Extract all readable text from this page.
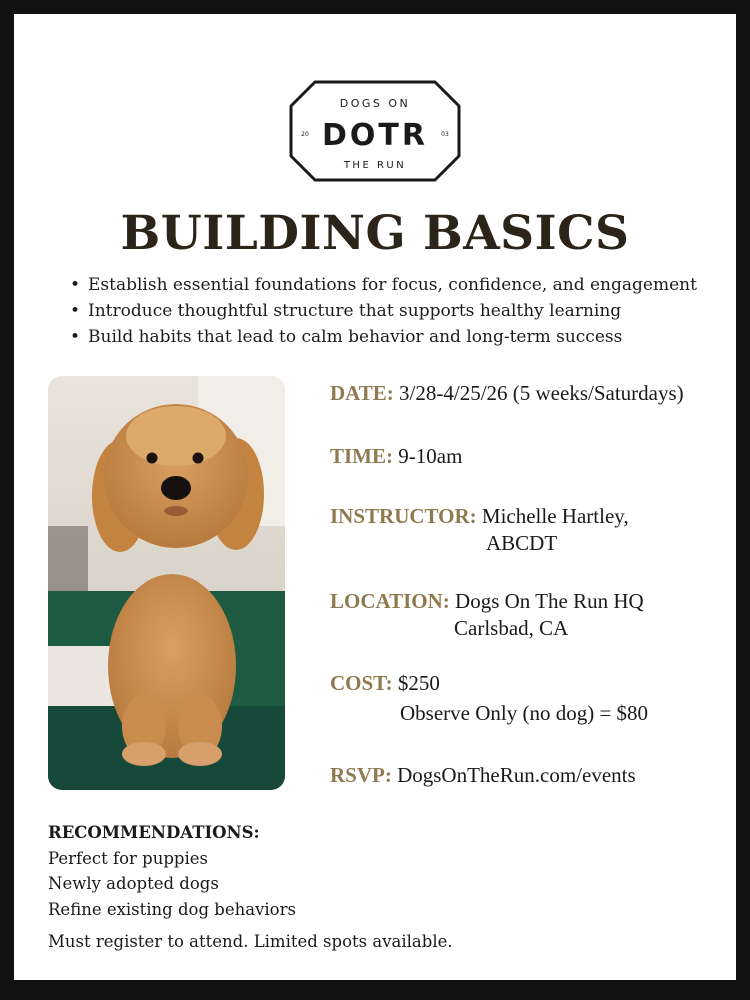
DOGS ON
DOTR
20	03
THE RUN
BUILDING BASICS
• Establish essential foundations for focus, confidence, and engagement
• Introduce thoughtful structure that supports healthy learning
• Build habits that lead to calm behavior and long-term success
DATE: 3/28-4/25/26 (5 weeks/Saturdays)
TIME: 9-10am
INSTRUCTOR: Michelle Hartley,
ABCDT
LOCATION: Dogs On The Run HQ
Carlsbad, CA
COST: $250
Observe Only (no dog) = $80
RSVP: DogsOnTheRun.com/events
RECOMMENDATIONS:
Perfect for puppies
Newly adopted dogs
Refine existing dog behaviors
Must register to attend. Limited spots available.
